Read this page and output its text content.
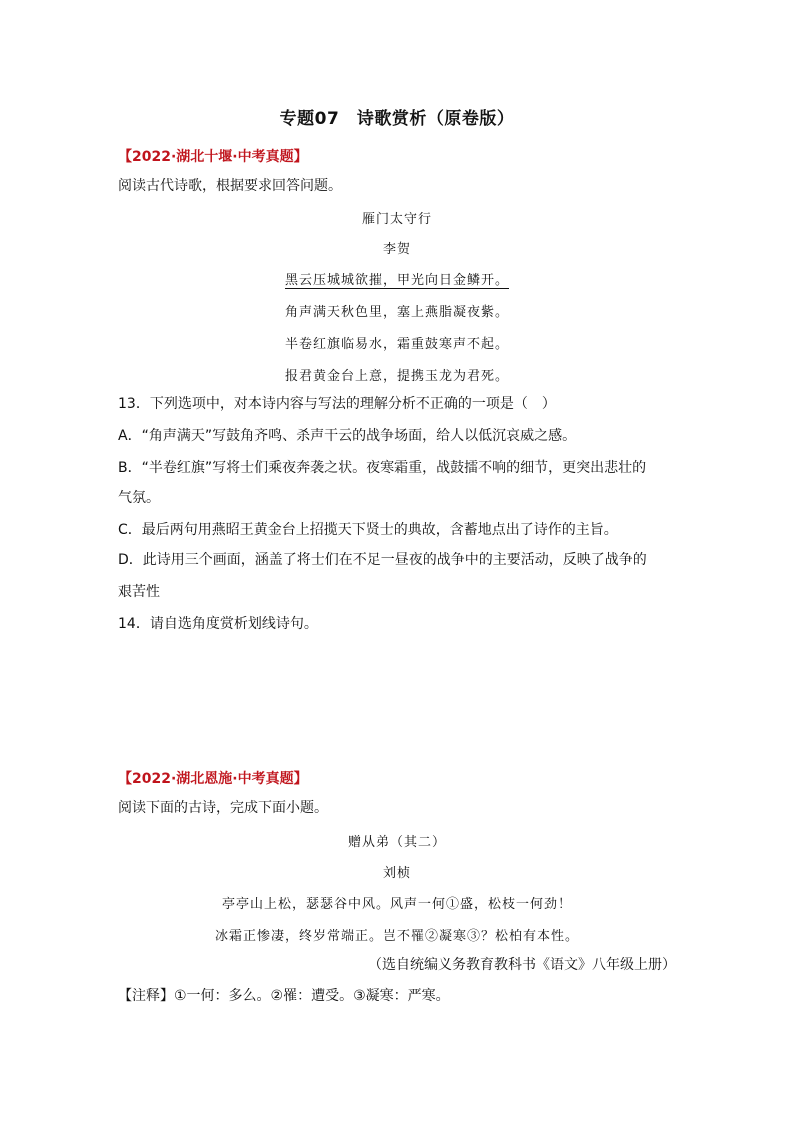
专题07　诗歌赏析（原卷版）
【2022·湖北十堰·中考真题】
阅读古代诗歌，根据要求回答问题。
雁门太守行
李贺
黑云压城城欲摧，甲光向日金鳞开。
角声满天秋色里，塞上燕脂凝夜紫。
半卷红旗临易水，霜重鼓寒声不起。
报君黄金台上意，提携玉龙为君死。
13．下列选项中，对本诗内容与写法的理解分析不正确的一项是（　）
A．“角声满天”写鼓角齐鸣、杀声干云的战争场面，给人以低沉哀威之感。
B．“半卷红旗”写将士们乘夜奔袭之状。夜寒霜重，战鼓擂不响的细节，更突出悲壮的
气氛。
C．最后两句用燕昭王黄金台上招揽天下贤士的典故，含蓄地点出了诗作的主旨。
D．此诗用三个画面，涵盖了将士们在不足一昼夜的战争中的主要活动，反映了战争的
艰苦性
14．请自选角度赏析划线诗句。
【2022·湖北恩施·中考真题】
阅读下面的古诗，完成下面小题。
赠从弟（其二）
刘桢
亭亭山上松，瑟瑟谷中风。风声一何①盛，松枝一何劲！
冰霜正惨凄，终岁常端正。岂不罹②凝寒③？松柏有本性。
（选自统编义务教育教科书《语文》八年级上册）
【注释】①一何：多么。②罹：遭受。③凝寒：严寒。
